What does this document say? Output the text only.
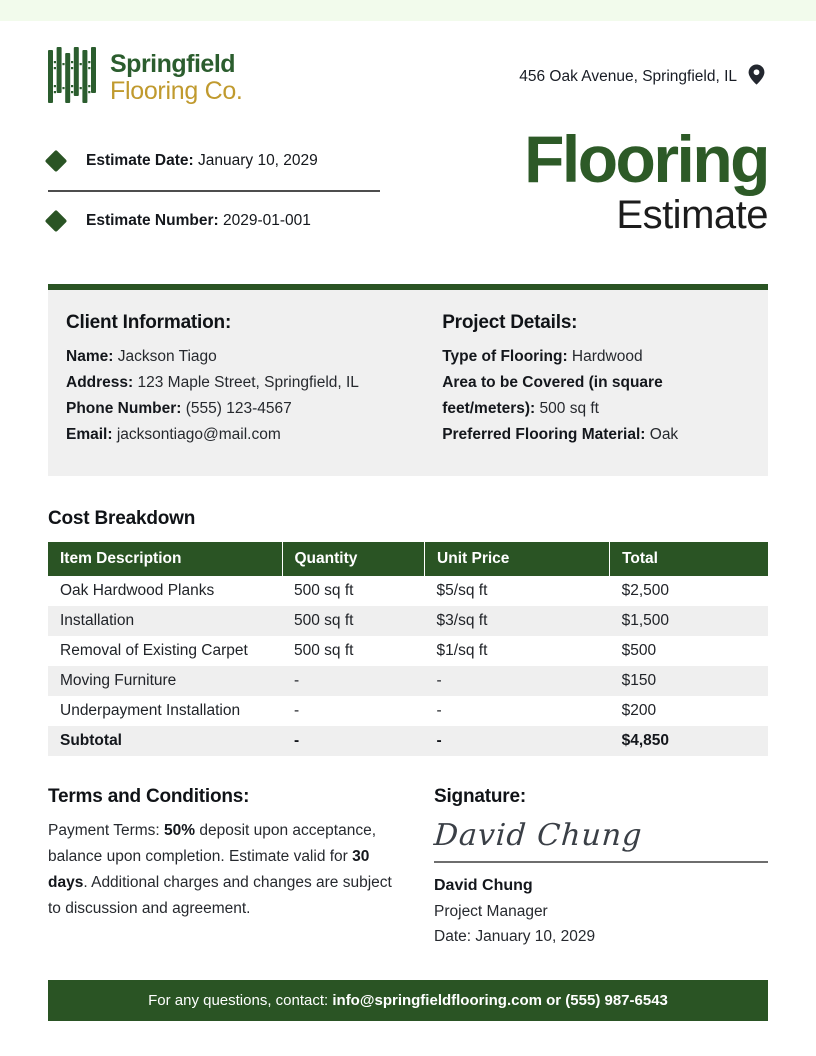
Springfield
Flooring Co.	456 Oak Avenue, Springfield, IL
Estimate Date: January 10, 2029
Estimate Number: 2029-01-001
Flooring
Estimate
Client Information:
Name: Jackson Tiago
Address: 123 Maple Street, Springfield, IL
Phone Number: (555) 123-4567
Email: jacksontiago@mail.com
Project Details:
Type of Flooring: Hardwood
Area to be Covered (in square feet/meters): 500 sq ft
Preferred Flooring Material: Oak
Cost Breakdown
Item Description	Quantity	Unit Price	Total
Oak Hardwood Planks	500 sq ft	$5/sq ft	$2,500
Installation	500 sq ft	$3/sq ft	$1,500
Removal of Existing Carpet	500 sq ft	$1/sq ft	$500
Moving Furniture	-	-	$150
Underpayment Installation	-	-	$200
Subtotal	-	-	$4,850
Terms and Conditions:

Payment Terms: 50% deposit upon acceptance, balance upon completion. Estimate valid for 30 days. Additional charges and changes are subject to discussion and agreement.

Signature:
David Chung
David Chung
Project Manager
Date: January 10, 2029
For any questions, contact: info@springfieldflooring.com or (555) 987-6543
